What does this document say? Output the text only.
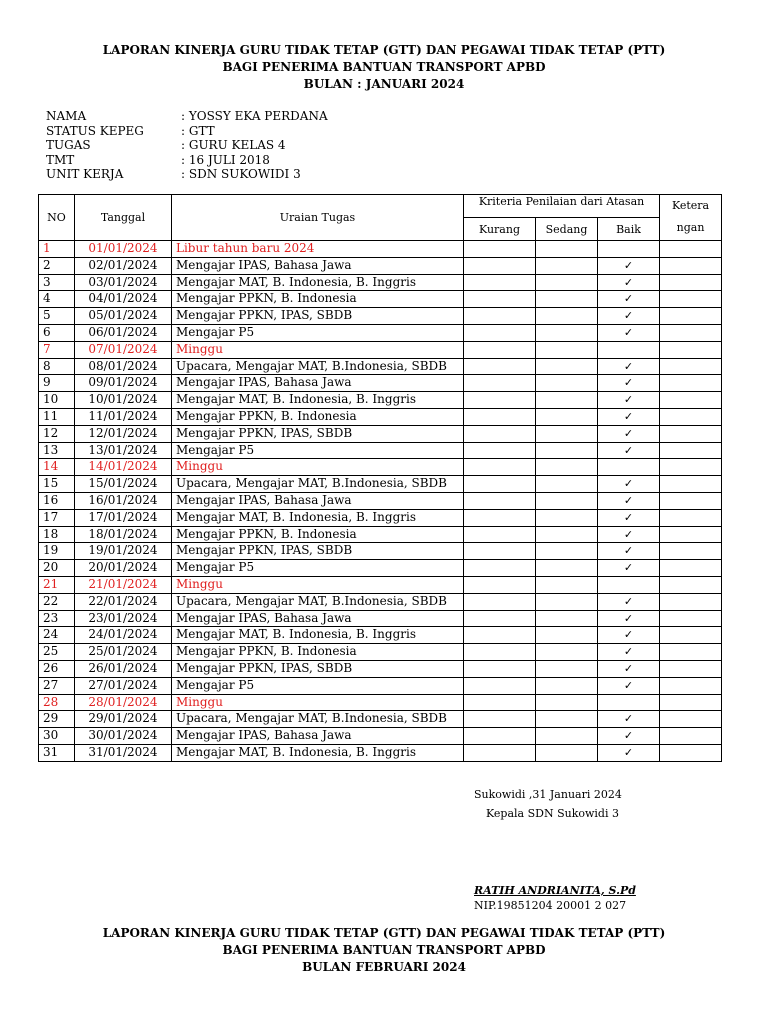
LAPORAN KINERJA GURU TIDAK TETAP (GTT) DAN PEGAWAI TIDAK TETAP (PTT)
BAGI PENERIMA BANTUAN TRANSPORT APBD
BULAN : JANUARI 2024
NAMA	: YOSSY EKA PERDANA
STATUS KEPEG	: GTT
TUGAS	: GURU KELAS 4
TMT	: 16 JULI 2018
UNIT KERJA	: SDN SUKOWIDI 3
NO	Tanggal	Uraian Tugas	Kriteria Penilaian dari Atasan			Ketera
ngan
			Kurang	Sedang	Baik	
1	01/01/2024	Libur tahun baru 2024				
2	02/01/2024	Mengajar IPAS, Bahasa Jawa			✓	
3	03/01/2024	Mengajar MAT, B. Indonesia, B. Inggris			✓	
4	04/01/2024	Mengajar PPKN, B. Indonesia			✓	
5	05/01/2024	Mengajar PPKN, IPAS, SBDB			✓	
6	06/01/2024	Mengajar P5			✓	
7	07/01/2024	Minggu				
8	08/01/2024	Upacara, Mengajar MAT, B.Indonesia, SBDB			✓	
9	09/01/2024	Mengajar IPAS, Bahasa Jawa			✓	
10	10/01/2024	Mengajar MAT, B. Indonesia, B. Inggris			✓	
11	11/01/2024	Mengajar PPKN, B. Indonesia			✓	
12	12/01/2024	Mengajar PPKN, IPAS, SBDB			✓	
13	13/01/2024	Mengajar P5			✓	
14	14/01/2024	Minggu				
15	15/01/2024	Upacara, Mengajar MAT, B.Indonesia, SBDB			✓	
16	16/01/2024	Mengajar IPAS, Bahasa Jawa			✓	
17	17/01/2024	Mengajar MAT, B. Indonesia, B. Inggris			✓	
18	18/01/2024	Mengajar PPKN, B. Indonesia			✓	
19	19/01/2024	Mengajar PPKN, IPAS, SBDB			✓	
20	20/01/2024	Mengajar P5			✓	
21	21/01/2024	Minggu				
22	22/01/2024	Upacara, Mengajar MAT, B.Indonesia, SBDB			✓	
23	23/01/2024	Mengajar IPAS, Bahasa Jawa			✓	
24	24/01/2024	Mengajar MAT, B. Indonesia, B. Inggris			✓	
25	25/01/2024	Mengajar PPKN, B. Indonesia			✓	
26	26/01/2024	Mengajar PPKN, IPAS, SBDB			✓	
27	27/01/2024	Mengajar P5			✓	
28	28/01/2024	Minggu				
29	29/01/2024	Upacara, Mengajar MAT, B.Indonesia, SBDB			✓	
30	30/01/2024	Mengajar IPAS, Bahasa Jawa			✓	
31	31/01/2024	Mengajar MAT, B. Indonesia, B. Inggris			✓	
Sukowidi ,31 Januari 2024
Kepala SDN Sukowidi 3
RATIH ANDRIANITA, S.Pd
NIP.19851204 20001 2 027
LAPORAN KINERJA GURU TIDAK TETAP (GTT) DAN PEGAWAI TIDAK TETAP (PTT)
BAGI PENERIMA BANTUAN TRANSPORT APBD
BULAN FEBRUARI 2024
